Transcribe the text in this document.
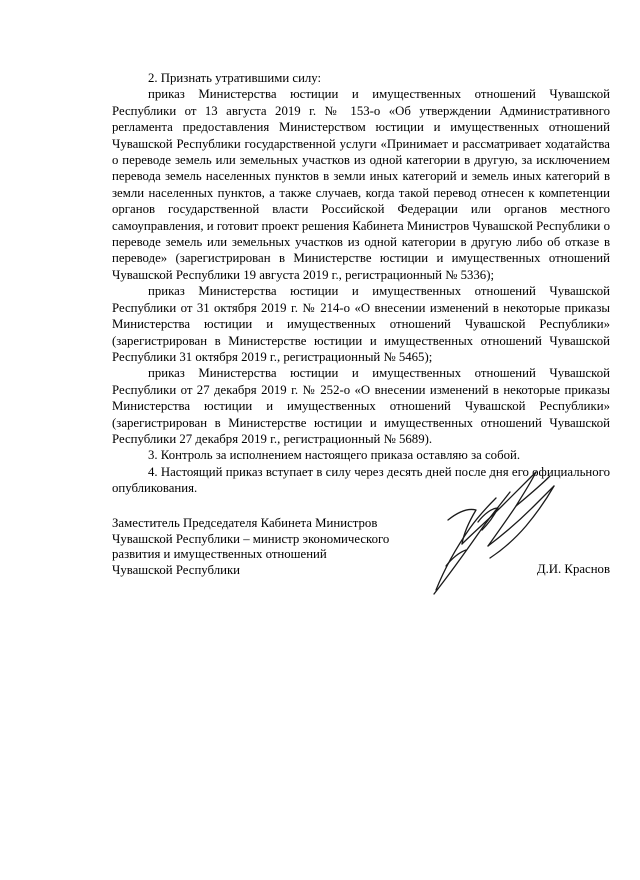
2. Признать утратившими силу:

приказ Министерства юстиции и имущественных отношений Чувашской Республики от 13 августа 2019 г. № 153-о «Об утверждении Административного регламента предоставления Министерством юстиции и имущественных отношений Чувашской Республики государственной услуги «Принимает и рассматривает ходатайства о переводе земель или земельных участков из одной категории в другую, за исключением перевода земель населенных пунктов в земли иных категорий и земель иных категорий в земли населенных пунктов, а также случаев, когда такой перевод отнесен к компетенции органов государственной власти Российской Федерации или органов местного самоуправления, и готовит проект решения Кабинета Министров Чувашской Республики о переводе земель или земельных участков из одной категории в другую либо об отказе в переводе» (зарегистрирован в Министерстве юстиции и имущественных отношений Чувашской Республики 19 августа 2019 г., регистрационный № 5336);

приказ Министерства юстиции и имущественных отношений Чувашской Республики от 31 октября 2019 г. № 214-о «О внесении изменений в некоторые приказы Министерства юстиции и имущественных отношений Чувашской Республики» (зарегистрирован в Министерстве юстиции и имущественных отношений Чувашской Республики 31 октября 2019 г., регистрационный № 5465);

приказ Министерства юстиции и имущественных отношений Чувашской Республики от 27 декабря 2019 г. № 252-о «О внесении изменений в некоторые приказы Министерства юстиции и имущественных отношений Чувашской Республики» (зарегистрирован в Министерстве юстиции и имущественных отношений Чувашской Республики 27 декабря 2019 г., регистрационный № 5689).

3. Контроль за исполнением настоящего приказа оставляю за собой.

4. Настоящий приказ вступает в силу через десять дней после дня его официального опубликования.

Заместитель Председателя Кабинета Министров
Чувашской Республики – министр экономического
развития и имущественных отношений
Чувашской Республики	Д.И. Краснов
